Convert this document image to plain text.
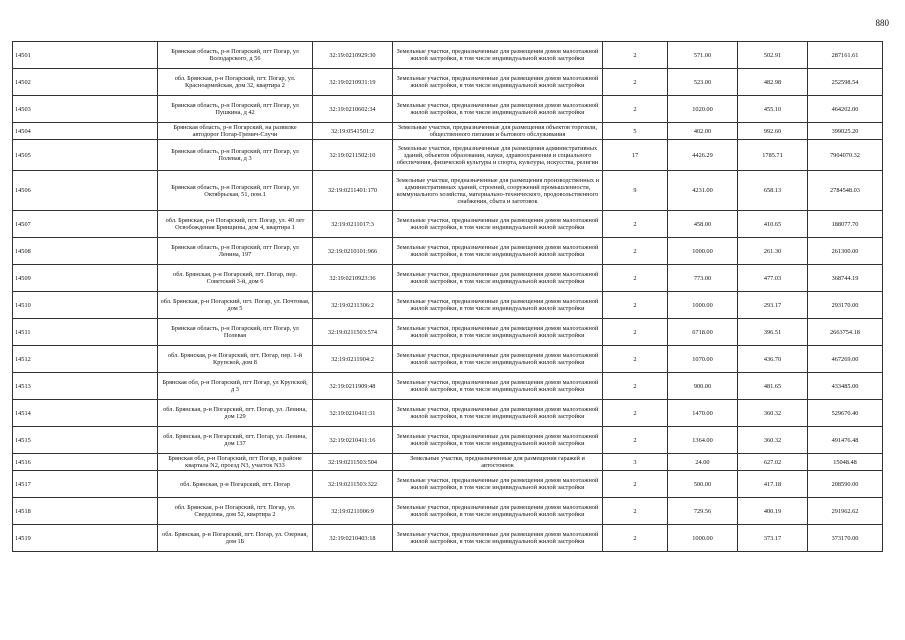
880
14501	Брянская область, р-н Погарский, пгт Погар, ул Володарского, д 56	32:19:0210929:30	Земельные участки, предназначенные для размещения домов малоэтажной жилой застройки, в том числе индивидуальной жилой застройки	2	571.00	502.91	287161.61
14502	обл. Брянская, р-н Погарский, пгт. Погар, ул. Красноармейская, дом 32, квартира 2	32:19:0210931:19	Земельные участки, предназначенные для размещения домов малоэтажной жилой застройки, в том числе индивидуальной жилой застройки	2	523.00	482.98	252598.54
14503	Брянская область, р-н Погарский, пгт Погар, ул Пушкина, д 42	32:19:0210602:34	Земельные участки, предназначенные для размещения домов малоэтажной жилой застройки, в том числе индивидуальной жилой застройки	2	1020.00	455.10	464202.00
14504	Брянская область, р-н Погарский, на развилке автодорог Погар-Гремяч-Случи	32:19:0541501:2	Земельные участки, предназначенные для размещения объектов торговли, общественного питания и бытового обслуживания	5	402.00	992.60	399025.20
14505	Брянская область, р-н Погарский, пгт Погар, ул Полевая, д 3	32:19:0211502:10	Земельные участки, предназначенные для размещения административных зданий, объектов образования, науки, здравоохранения и социального обеспечения, физической культуры и спорта, культуры, искусства, религии	17	4426.29	1785.71	7904070.32
14506	Брянская область, р-н Погарский, пгт Погар, ул Октябрьская, 51, пом.1	32:19:0211401:170	Земельные участки, предназначенные для размещения производственных и административных зданий, строений, сооружений промышленности, коммунального хозяйства, материально-технического, продовольственного снабжения, сбыта и заготовок	9	4231.00	658.13	2784548.03
14507	обл. Брянская, р-н Погарский, пгт. Погар, ул. 40 лет Освобождения Брянщины, дом 4, квартира 1	32:19:0211017:3	Земельные участки, предназначенные для размещения домов малоэтажной жилой застройки, в том числе индивидуальной жилой застройки	2	458.00	410.65	188077.70
14508	Брянская область, р-н Погарский, пгт Погар, ул Ленина, 197	32:19:0210101:966	Земельные участки, предназначенные для размещения домов малоэтажной жилой застройки, в том числе индивидуальной жилой застройки	2	1000.00	261.30	261300.00
14509	обл. Брянская, р-н Погарский, пгт. Погар, пер. Советский 3-й, дом 6	32:19:0210923:36	Земельные участки, предназначенные для размещения домов малоэтажной жилой застройки, в том числе индивидуальной жилой застройки	2	773.00	477.03	368744.19
14510	обл. Брянская, р-н Погарский, пгт. Погар, ул. Почтовая, дом 5	32:19:0211306:2	Земельные участки, предназначенные для размещения домов малоэтажной жилой застройки, в том числе индивидуальной жилой застройки	2	1000.00	293.17	293170.00
14511	Брянская область, р-н Погарский, пгт Погар, ул Полевая	32:19:0211503:574	Земельные участки, предназначенные для размещения домов малоэтажной жилой застройки, в том числе индивидуальной жилой застройки	2	6718.00	396.51	2663754.18
14512	обл. Брянская, р-н Погарский, пгт. Погар, пер. 1-й Крупской, дом 8	32:19:0211904:2	Земельные участки, предназначенные для размещения домов малоэтажной жилой застройки, в том числе индивидуальной жилой застройки	2	1070.00	436.70	467269.00
14513	Брянская обл, р-н Погарский, пгт Погар, ул Крупской, д 3	32:19:0211909:48	Земельные участки, предназначенные для размещения домов малоэтажной жилой застройки, в том числе индивидуальной жилой застройки	2	900.00	481.65	433485.00
14514	обл. Брянская, р-н Погарский, пгт. Погар, ул. Ленина, дом 129	32:19:0210411:31	Земельные участки, предназначенные для размещения домов малоэтажной жилой застройки, в том числе индивидуальной жилой застройки	2	1470.00	360.32	529670.40
14515	обл. Брянская, р-н Погарский, пгт. Погар, ул. Ленина, дом 137	32:19:0210411:16	Земельные участки, предназначенные для размещения домов малоэтажной жилой застройки, в том числе индивидуальной жилой застройки	2	1364.00	360.32	491476.48
14516	Брянская обл, р-н Погарский, пгт Погар, в районе квартала N2, проезд N3, участок N33	32:19:0211503:504	Земельные участки, предназначенные для размещения гаражей и автостоянок	3	24.00	627.02	15048.48
14517	обл. Брянская, р-н Погарский, пгт. Погар	32:19:0211503:322	Земельные участки, предназначенные для размещения домов малоэтажной жилой застройки, в том числе индивидуальной жилой застройки	2	500.00	417.18	208590.00
14518	обл. Брянская, р-н Погарский, пгт. Погар, ул. Свердлова, дом 52, квартира 2	32:19:0211006:9	Земельные участки, предназначенные для размещения домов малоэтажной жилой застройки, в том числе индивидуальной жилой застройки	2	729.56	400.19	291962.62
14519	обл. Брянская, р-н Погарский, пгт. Погар, ул. Озерная, дом 1Б	32:19:0210403:18	Земельные участки, предназначенные для размещения домов малоэтажной жилой застройки, в том числе индивидуальной жилой застройки	2	1000.00	373.17	373170.00
